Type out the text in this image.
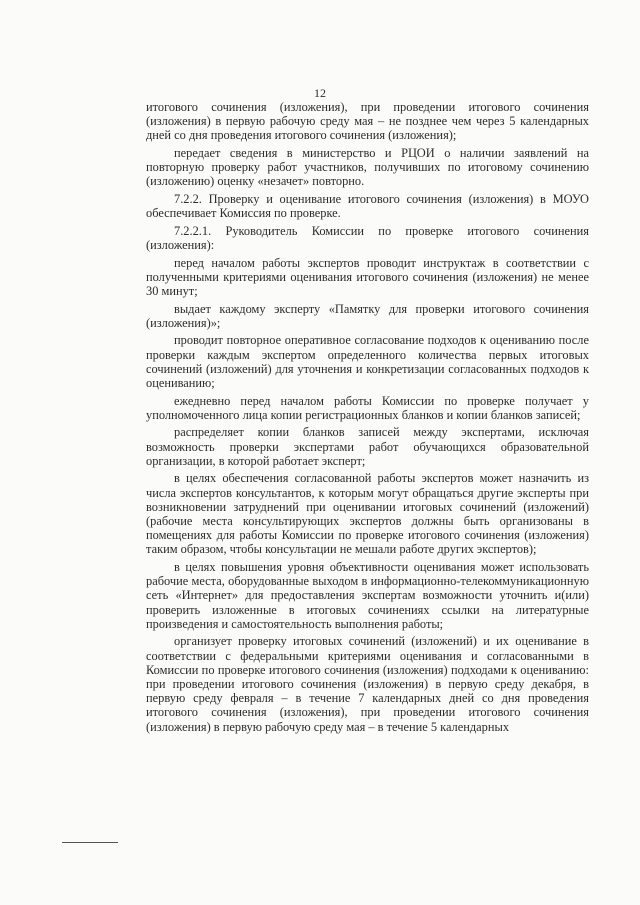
12

итогового сочинения (изложения), при проведении итогового сочинения (изложения) в первую рабочую среду мая – не позднее чем через 5 календарных дней со дня проведения итогового сочинения (изложения);

передает сведения в министерство и РЦОИ о наличии заявлений на повторную проверку работ участников, получивших по итоговому сочинению (изложению) оценку «незачет» повторно.

7.2.2. Проверку и оценивание итогового сочинения (изложения) в МОУО обеспечивает Комиссия по проверке.

7.2.2.1. Руководитель Комиссии по проверке итогового сочинения (изложения):

перед началом работы экспертов проводит инструктаж в соответствии с полученными критериями оценивания итогового сочинения (изложения) не менее 30 минут;

выдает каждому эксперту «Памятку для проверки итогового сочинения (изложения)»;

проводит повторное оперативное согласование подходов к оцениванию после проверки каждым экспертом определенного количества первых итоговых сочинений (изложений) для уточнения и конкретизации согласованных подходов к оцениванию;

ежедневно перед началом работы Комиссии по проверке получает у уполномоченного лица копии регистрационных бланков и копии бланков записей;

распределяет копии бланков записей между экспертами, исключая возможность проверки экспертами работ обучающихся образовательной организации, в которой работает эксперт;

в целях обеспечения согласованной работы экспертов может назначить из числа экспертов консультантов, к которым могут обращаться другие эксперты при возникновении затруднений при оценивании итоговых сочинений (изложений) (рабочие места консультирующих экспертов должны быть организованы в помещениях для работы Комиссии по проверке итогового сочинения (изложения) таким образом, чтобы консультации не мешали работе других экспертов);

в целях повышения уровня объективности оценивания может использовать рабочие места, оборудованные выходом в информационно-телекоммуникационную сеть «Интернет» для предоставления экспертам возможности уточнить и(или) проверить изложенные в итоговых сочинениях ссылки на литературные произведения и самостоятельность выполнения работы;

организует проверку итоговых сочинений (изложений) и их оценивание в соответствии с федеральными критериями оценивания и согласованными в Комиссии по проверке итогового сочинения (изложения) подходами к оцениванию: при проведении итогового сочинения (изложения) в первую среду декабря, в первую среду февраля – в течение 7 календарных дней со дня проведения итогового сочинения (изложения), при проведении итогового сочинения (изложения) в первую рабочую среду мая – в течение 5 календарных
